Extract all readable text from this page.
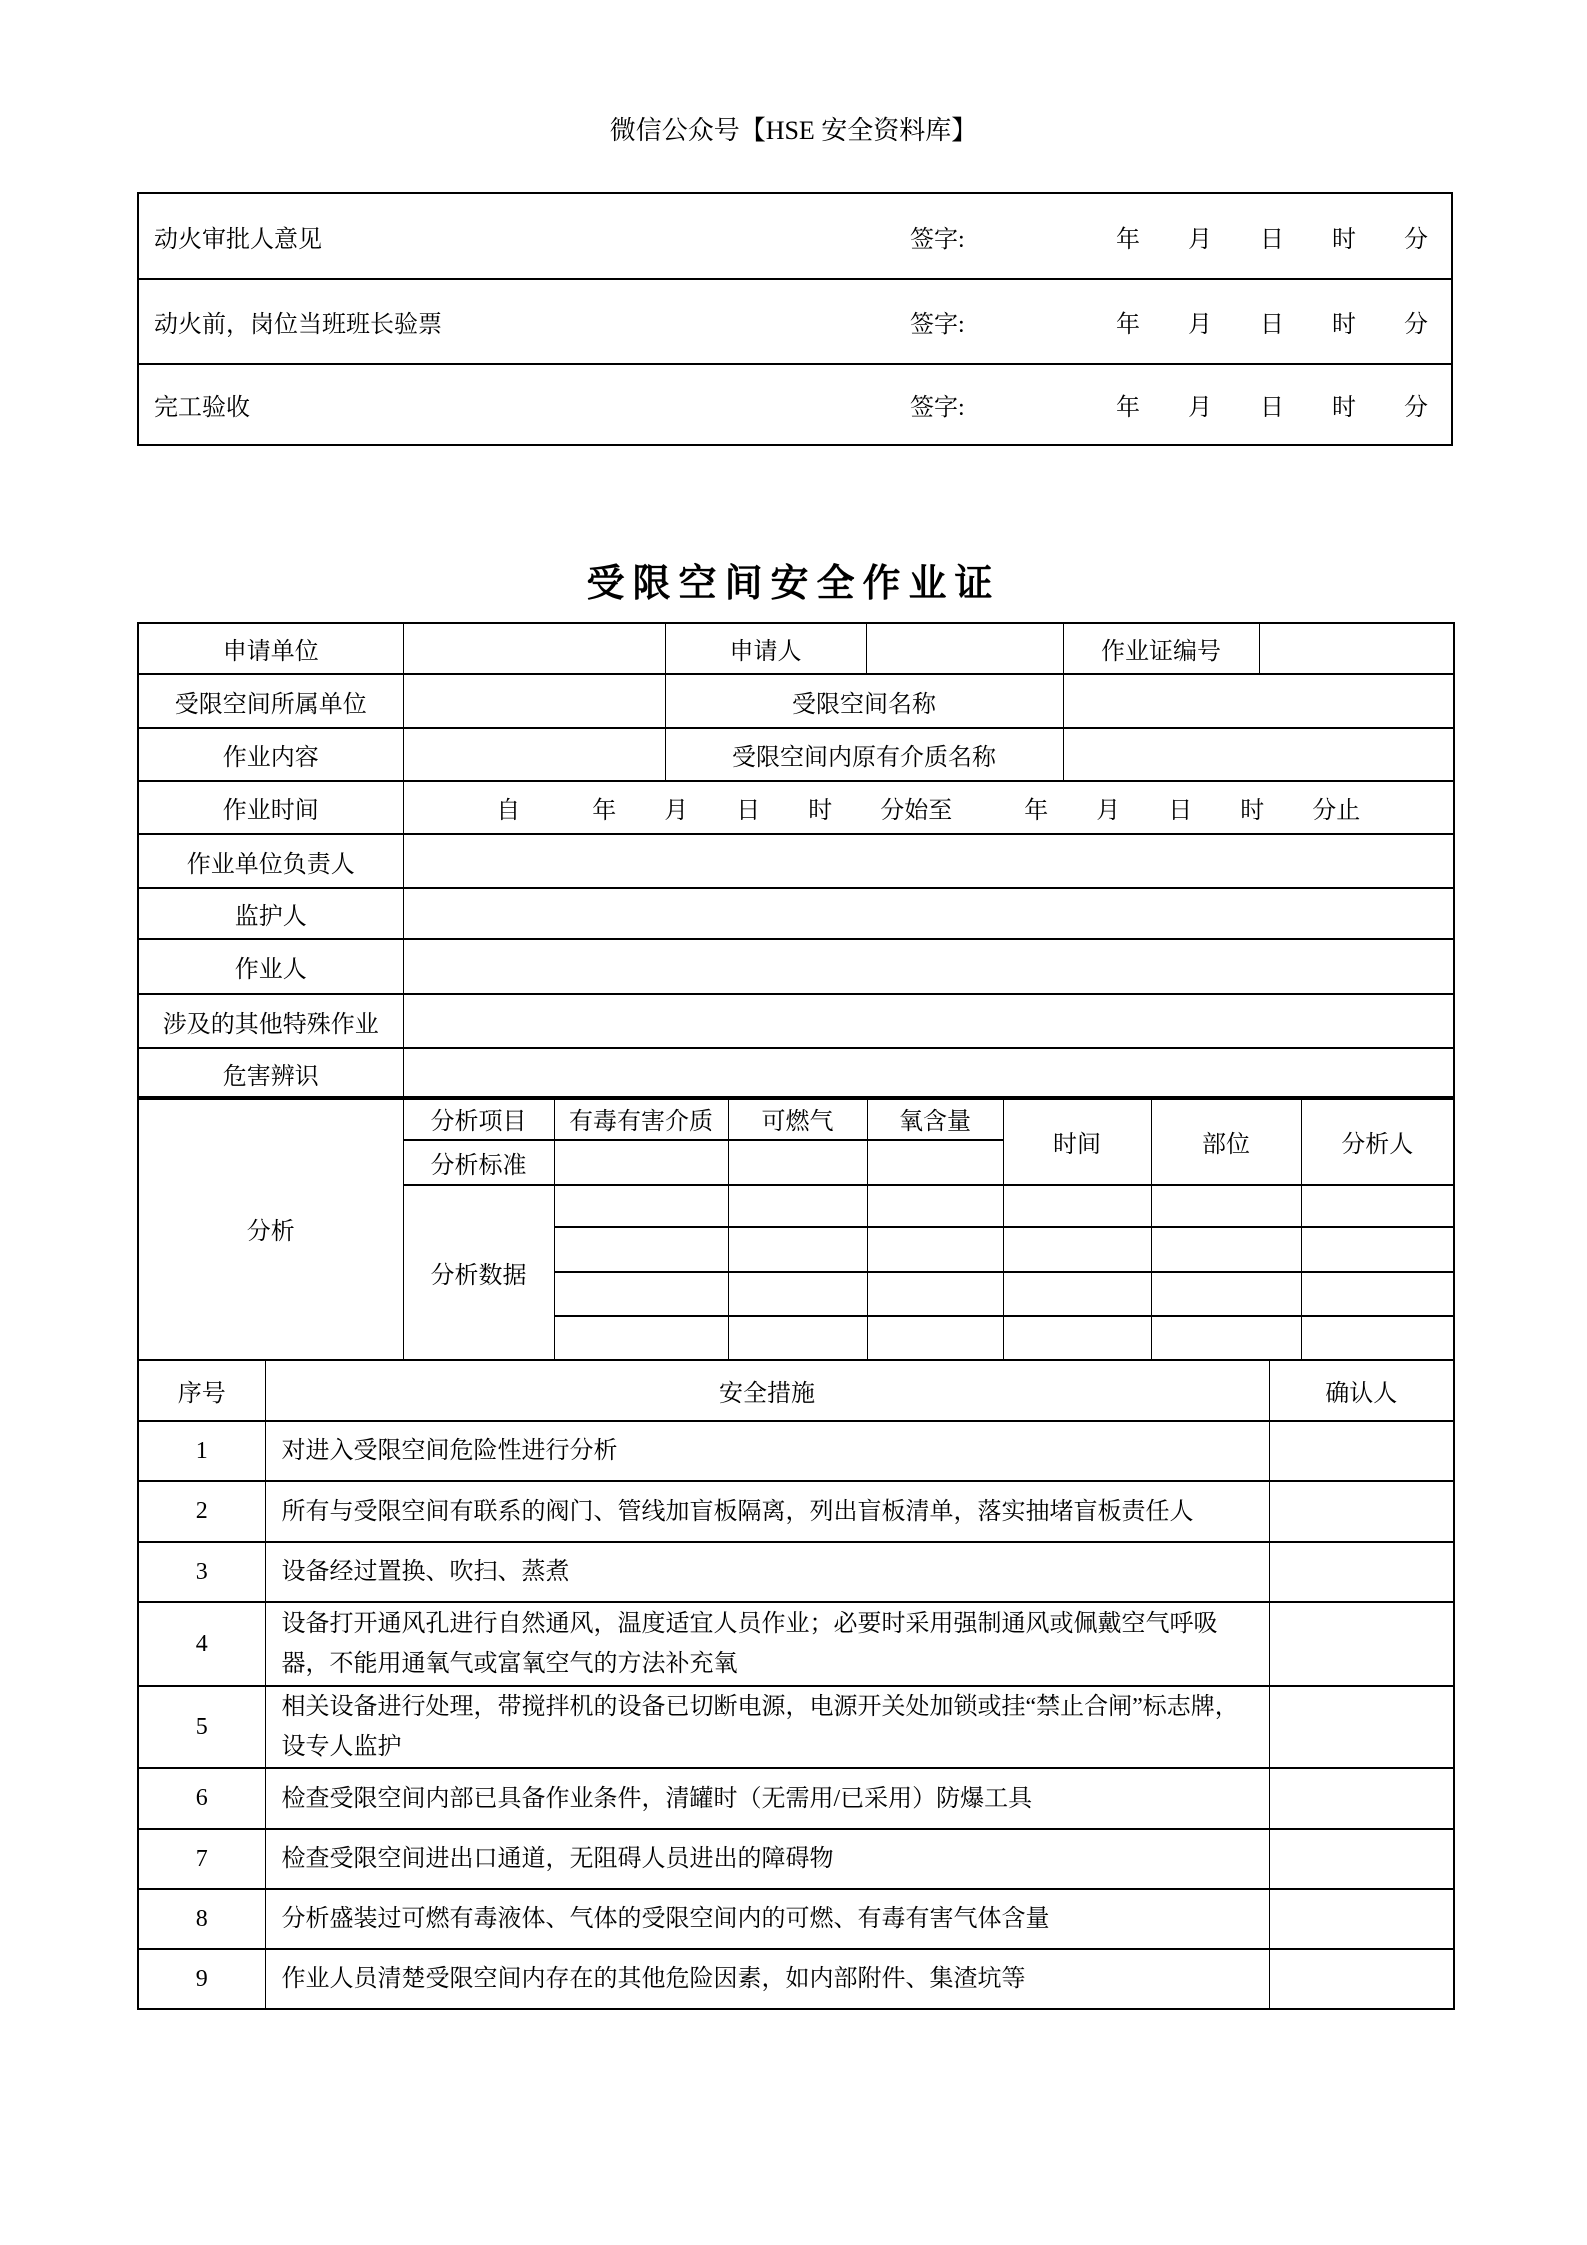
微信公众号【HSE 安全资料库】
动火审批人意见	签字:	年　　月　　日　　时　　分
动火前，岗位当班班长验票	签字:	年　　月　　日　　时　　分
完工验收	签字:	年　　月　　日　　时　　分
受限空间安全作业证
申请单位		申请人		作业证编号	
受限空间所属单位		受限空间名称			
作业内容		受限空间内原有介质名称			
作业时间	自　　　年　　月　　日　　时　　分始至　　　年　　月　　日　　时　　分止				
作业单位负责人					
监护人					
作业人					
涉及的其他特殊作业					
危害辨识					
分析	分析项目	有毒有害介质	可燃气	氧含量	时间	部位	分析人
	分析标准						
	分析数据						

序号	安全措施	确认人
1	对进入受限空间危险性进行分析	
2	所有与受限空间有联系的阀门、管线加盲板隔离，列出盲板清单，落实抽堵盲板责任人	
3	设备经过置换、吹扫、蒸煮	
4	设备打开通风孔进行自然通风，温度适宜人员作业；必要时采用强制通风或佩戴空气呼吸器，不能用通氧气或富氧空气的方法补充氧	
5	相关设备进行处理，带搅拌机的设备已切断电源，电源开关处加锁或挂“禁止合闸”标志牌，设专人监护	
6	检查受限空间内部已具备作业条件，清罐时（无需用/已采用）防爆工具	
7	检查受限空间进出口通道，无阻碍人员进出的障碍物	
8	分析盛装过可燃有毒液体、气体的受限空间内的可燃、有毒有害气体含量	
9	作业人员清楚受限空间内存在的其他危险因素，如内部附件、集渣坑等	
